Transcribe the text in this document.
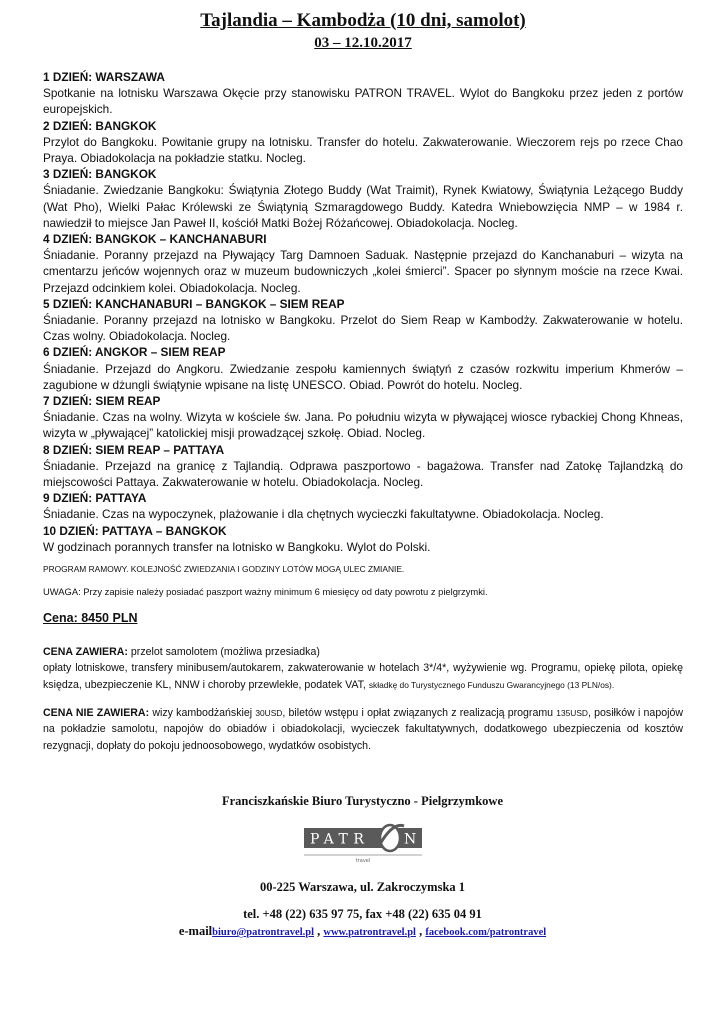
Tajlandia – Kambodża (10 dni, samolot)
03 – 12.10.2017
1 DZIEŃ: WARSZAWA
Spotkanie na lotnisku Warszawa Okęcie przy stanowisku PATRON TRAVEL. Wylot do Bangkoku przez jeden z portów europejskich.
2 DZIEŃ: BANGKOK
Przylot do Bangkoku. Powitanie grupy na lotnisku. Transfer do hotelu. Zakwaterowanie. Wieczorem rejs po rzece Chao Praya. Obiadokolacja na pokładzie statku. Nocleg.
3 DZIEŃ: BANGKOK
Śniadanie. Zwiedzanie Bangkoku: Świątynia Złotego Buddy (Wat Traimit), Rynek Kwiatowy, Świątynia Leżącego Buddy (Wat Pho), Wielki Pałac Królewski ze Świątynią Szmaragdowego Buddy. Katedra Wniebowzięcia NMP – w 1984 r. nawiedził to miejsce Jan Paweł II, kościół Matki Bożej Różańcowej. Obiadokolacja. Nocleg.
4 DZIEŃ: BANGKOK – KANCHANABURI
Śniadanie. Poranny przejazd na Pływający Targ Damnoen Saduak. Następnie przejazd do Kanchanaburi – wizyta na cmentarzu jeńców wojennych oraz w muzeum budowniczych „kolei śmierci”. Spacer po słynnym moście na rzece Kwai. Przejazd odcinkiem kolei. Obiadokolacja. Nocleg.
5 DZIEŃ: KANCHANABURI – BANGKOK – SIEM REAP
Śniadanie. Poranny przejazd na lotnisko w Bangkoku. Przelot do Siem Reap w Kambodży. Zakwaterowanie w hotelu. Czas wolny. Obiadokolacja. Nocleg.
6 DZIEŃ: ANGKOR – SIEM REAP
Śniadanie. Przejazd do Angkoru. Zwiedzanie zespołu kamiennych świątyń z czasów rozkwitu imperium Khmerów – zagubione w dżungli świątynie wpisane na listę UNESCO. Obiad. Powrót do hotelu. Nocleg.
7 DZIEŃ: SIEM REAP
Śniadanie. Czas na wolny. Wizyta w kościele św. Jana. Po południu wizyta w pływającej wiosce rybackiej Chong Khneas, wizyta w „pływającej” katolickiej misji prowadzącej szkołę. Obiad. Nocleg.
8 DZIEŃ: SIEM REAP – PATTAYA
Śniadanie. Przejazd na granicę z Tajlandią. Odprawa paszportowo - bagażowa. Transfer nad Zatokę Tajlandzką do miejscowości Pattaya. Zakwaterowanie w hotelu. Obiadokolacja. Nocleg.
9 DZIEŃ: PATTAYA
Śniadanie. Czas na wypoczynek, plażowanie i dla chętnych wycieczki fakultatywne. Obiadokolacja. Nocleg.
10 DZIEŃ: PATTAYA – BANGKOK
W godzinach porannych transfer na lotnisko w Bangkoku. Wylot do Polski.
PROGRAM RAMOWY. KOLEJNOŚĆ ZWIEDZANIA I GODZINY LOTÓW MOGĄ ULEC ZMIANIE.
UWAGA: Przy zapisie należy posiadać paszport ważny minimum 6 miesięcy od daty powrotu z pielgrzymki.
Cena: 8450 PLN
CENA ZAWIERA: przelot samolotem (możliwa przesiadka)
opłaty lotniskowe, transfery minibusem/autokarem, zakwaterowanie w hotelach 3*/4*, wyżywienie wg. Programu, opiekę pilota, opiekę księdza, ubezpieczenie KL, NNW i choroby przewlekłe, podatek VAT, składkę do Turystycznego Funduszu Gwarancyjnego (13 PLN/os).
CENA NIE ZAWIERA: wizy kambodżańskiej 30USD, biletów wstępu i opłat związanych z realizacją programu 135USD, posiłków i napojów na pokładzie samolotu, napojów do obiadów i obiadokolacji, wycieczek fakultatywnych, dodatkowego ubezpieczenia od kosztów rezygnacji, dopłaty do pokoju jednoosobowego, wydatków osobistych.
Franciszkańskie Biuro Turystyczno - Pielgrzymkowe
PATR N
travel
00-225 Warszawa, ul. Zakroczymska 1
tel. +48 (22) 635 97 75, fax +48 (22) 635 04 91
e-mailbiuro@patrontravel.pl , www.patrontravel.pl , facebook.com/patrontravel
